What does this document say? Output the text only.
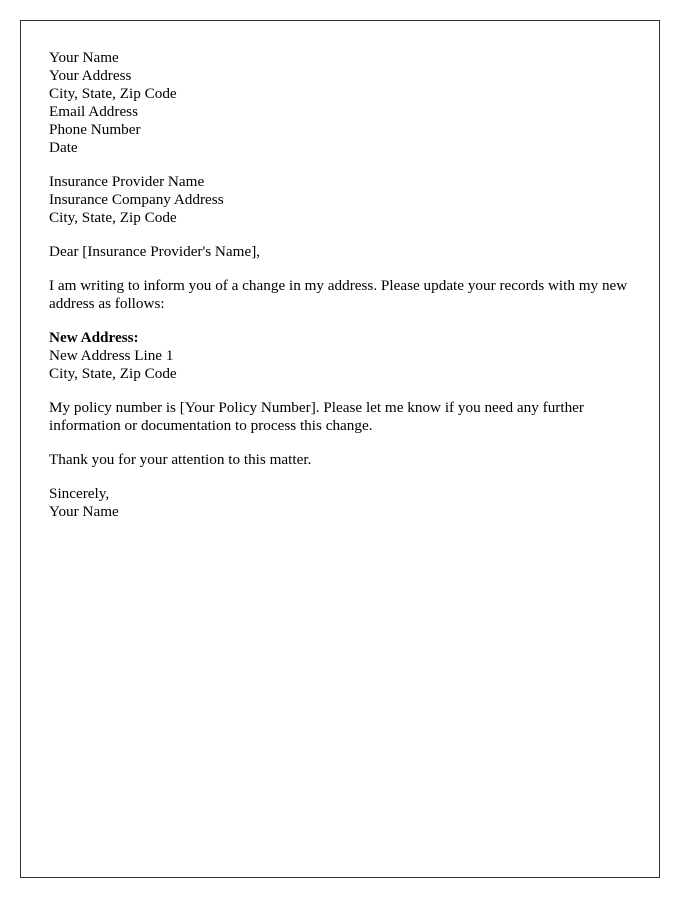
Your Name
Your Address
City, State, Zip Code
Email Address
Phone Number
Date
Insurance Provider Name
Insurance Company Address
City, State, Zip Code
Dear [Insurance Provider's Name],
I am writing to inform you of a change in my address. Please update your records with my new address as follows:
New Address:
New Address Line 1
City, State, Zip Code
My policy number is [Your Policy Number]. Please let me know if you need any further information or documentation to process this change.
Thank you for your attention to this matter.
Sincerely,
Your Name
